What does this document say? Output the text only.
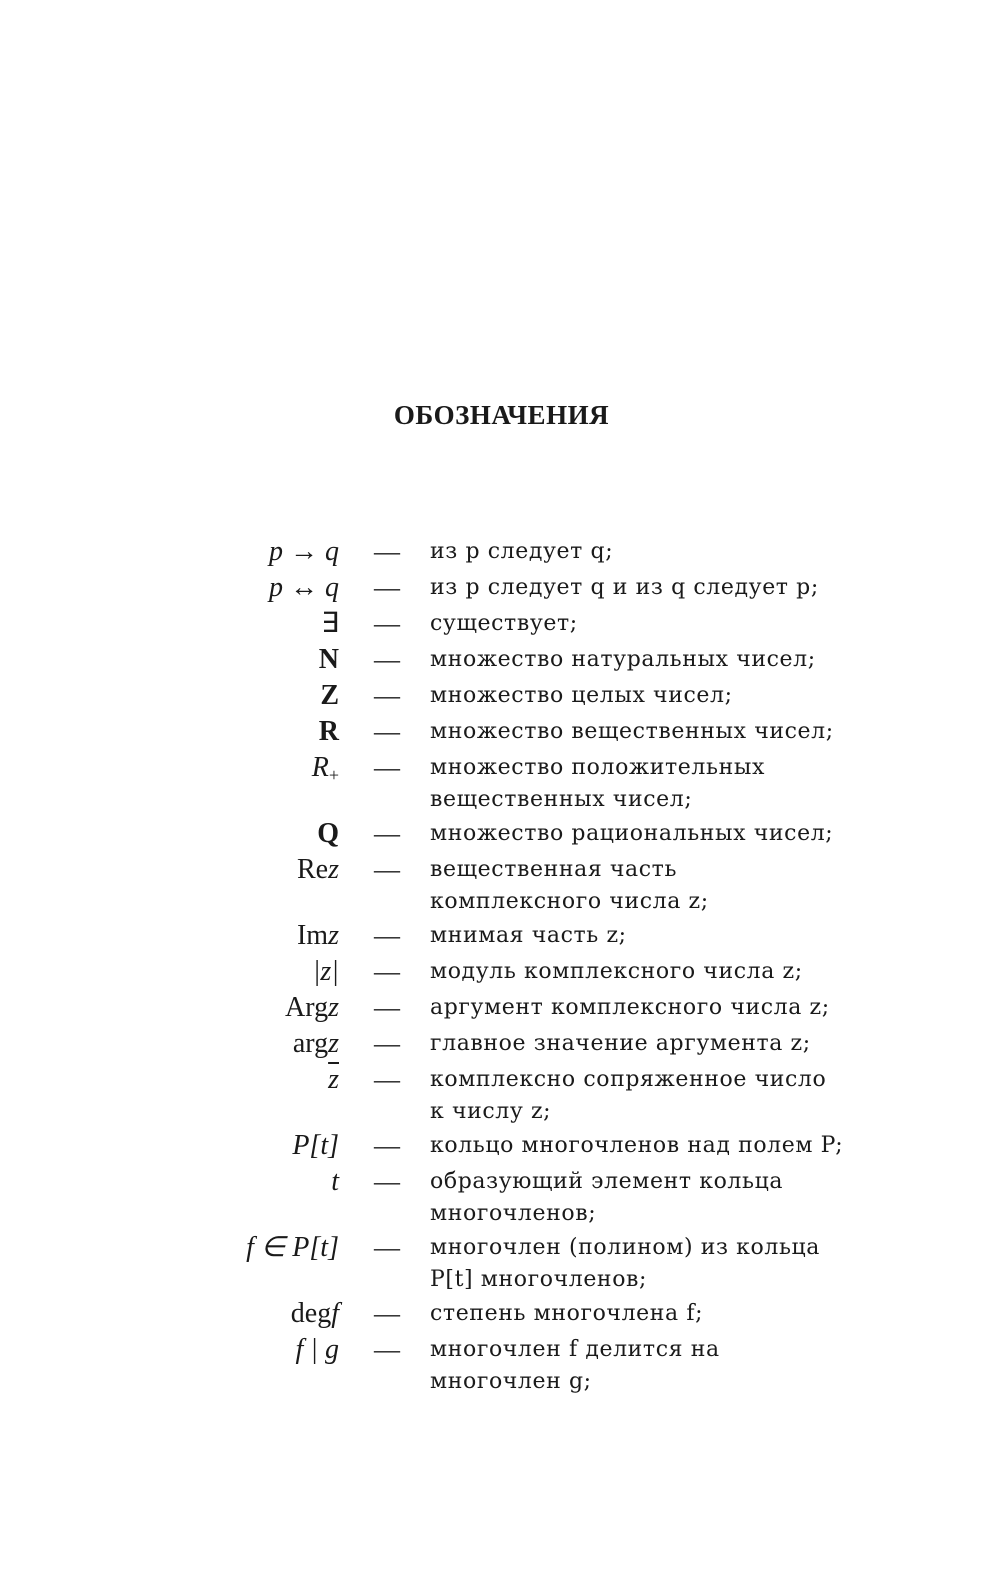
ОБОЗНАЧЕНИЯ
p → q — из p следует q;
p ↔ q — из p следует q и из q следует p;
∃ — существует;
N — множество натуральных чисел;
Z — множество целых чисел;
R — множество вещественных чисел;
$R_+$ — множество положительных
вещественных чисел;
Q — множество рациональных чисел;
Rez — вещественная часть
комплексного числа z;
Imz — мнимая часть z;
|z| — модуль комплексного числа z;
Argz — аргумент комплексного числа z;
argz — главное значение аргумента z;
$\overline{z}$ — комплексно сопряженное число
к числу z;
P[t] — кольцо многочленов над полем P;
t — образующий элемент кольца
многочленов;
f ∈ P[t] — многочлен (полином) из кольца
P[t] многочленов;
degf — степень многочлена f;
f | g — многочлен f делится на
многочлен g;
